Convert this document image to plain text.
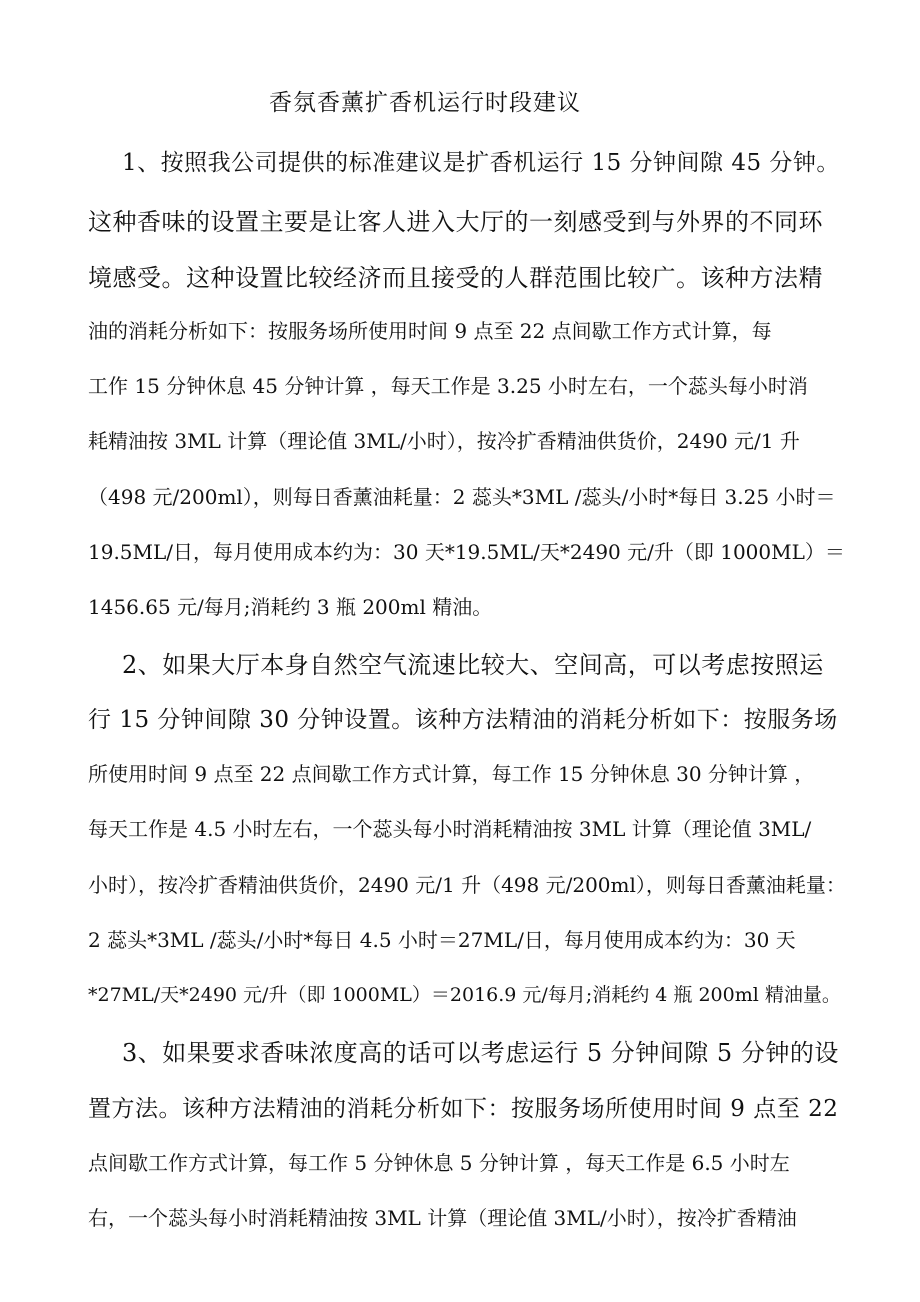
香氛香薰扩香机运行时段建议
1、按照我公司提供的标准建议是扩香机运行 15 分钟间隙 45 分钟。
这种香味的设置主要是让客人进入大厅的一刻感受到与外界的不同环
境感受。这种设置比较经济而且接受的人群范围比较广。该种方法精
油的消耗分析如下：按服务场所使用时间 9 点至 22 点间歇工作方式计算，每
工作 15 分钟休息 45 分钟计算 ，每天工作是 3.25 小时左右，一个蕊头每小时消
耗精油按 3ML 计算（理论值 3ML/小时），按冷扩香精油供货价，2490 元/1 升
（498 元/200ml），则每日香薰油耗量：2 蕊头*3ML /蕊头/小时*每日 3.25 小时＝
19.5ML/日，每月使用成本约为：30 天*19.5ML/天*2490 元/升（即 1000ML）＝
1456.65 元/每月;消耗约 3 瓶 200ml 精油。
2、如果大厅本身自然空气流速比较大、空间高，可以考虑按照运
行 15 分钟间隙 30 分钟设置。该种方法精油的消耗分析如下：按服务场
所使用时间 9 点至 22 点间歇工作方式计算，每工作 15 分钟休息 30 分钟计算 ，
每天工作是 4.5 小时左右，一个蕊头每小时消耗精油按 3ML 计算（理论值 3ML/
小时），按冷扩香精油供货价，2490 元/1 升（498 元/200ml），则每日香薰油耗量：
2 蕊头*3ML /蕊头/小时*每日 4.5 小时＝27ML/日，每月使用成本约为：30 天
*27ML/天*2490 元/升（即 1000ML）＝2016.9 元/每月;消耗约 4 瓶 200ml 精油量。
3、如果要求香味浓度高的话可以考虑运行 5 分钟间隙 5 分钟的设
置方法。该种方法精油的消耗分析如下：按服务场所使用时间 9 点至 22
点间歇工作方式计算，每工作 5 分钟休息 5 分钟计算 ，每天工作是 6.5 小时左
右，一个蕊头每小时消耗精油按 3ML 计算（理论值 3ML/小时），按冷扩香精油
